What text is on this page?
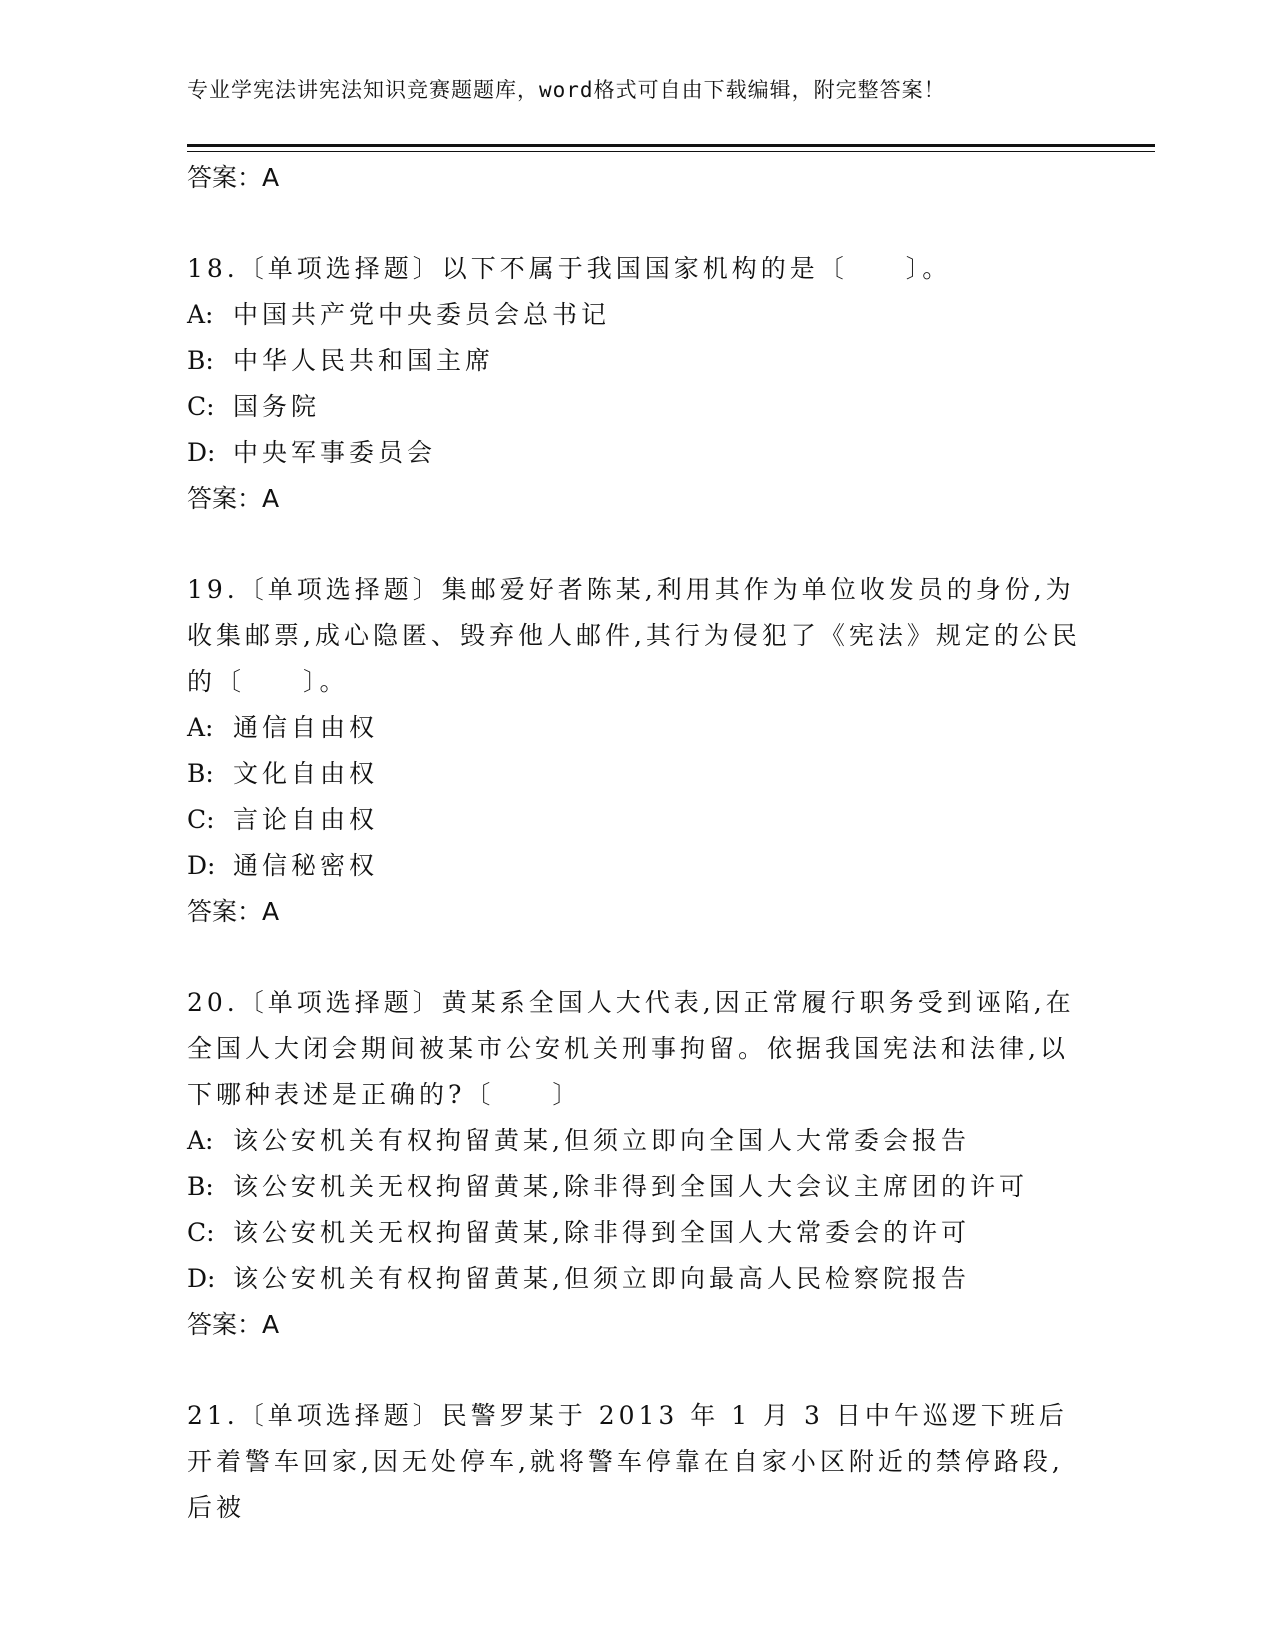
专业学宪法讲宪法知识竞赛题题库，word格式可自由下载编辑，附完整答案！
答案：A
18.〔单项选择题〕以下不属于我国国家机构的是〔　　〕。
A: 中国共产党中央委员会总书记
B: 中华人民共和国主席
C: 国务院
D: 中央军事委员会
答案：A
19.〔单项选择题〕集邮爱好者陈某,利用其作为单位收发员的身份,为收集邮票,成心隐匿、毁弃他人邮件,其行为侵犯了《宪法》规定的公民的〔　　〕。
A: 通信自由权
B: 文化自由权
C: 言论自由权
D: 通信秘密权
答案：A
20.〔单项选择题〕黄某系全国人大代表,因正常履行职务受到诬陷,在全国人大闭会期间被某市公安机关刑事拘留。依据我国宪法和法律,以下哪种表述是正确的?〔　　〕
A: 该公安机关有权拘留黄某,但须立即向全国人大常委会报告
B: 该公安机关无权拘留黄某,除非得到全国人大会议主席团的许可
C: 该公安机关无权拘留黄某,除非得到全国人大常委会的许可
D: 该公安机关有权拘留黄某,但须立即向最高人民检察院报告
答案：A
21.〔单项选择题〕民警罗某于 2013 年 1 月 3 日中午巡逻下班后开着警车回家,因无处停车,就将警车停靠在自家小区附近的禁停路段,后被
